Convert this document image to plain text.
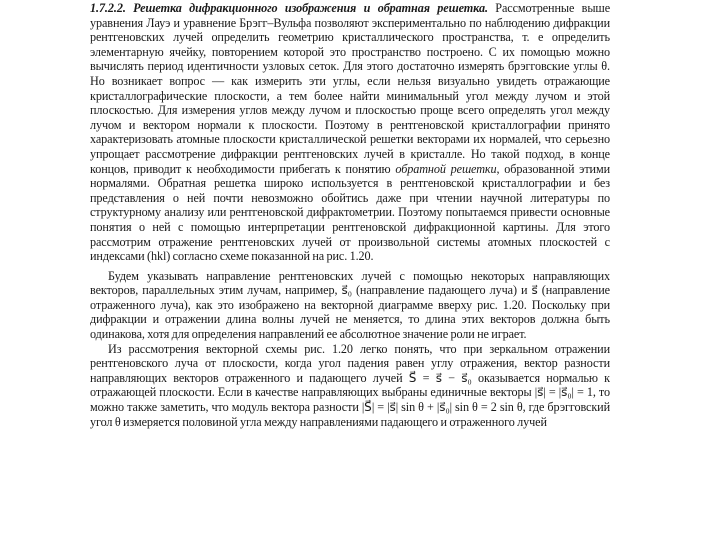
1.7.2.2. Решетка дифракционного изображения и обратная решетка. Рассмотренные выше уравнения Лауэ и уравнение Брэгг–Вульфа позволяют экспериментально по наблюдению дифракции рентгеновских лучей определить геометрию кристаллического пространства, т. е определить элементарную ячейку, повторением которой это пространство построено. С их помощью можно вычислять период идентичности узловых сеток. Для этого достаточно измерять брэгговские углы θ. Но возникает вопрос — как измерить эти углы, если нельзя визуально увидеть отражающие кристаллографические плоскости, а тем более найти минимальный угол между лучом и этой плоскостью. Для измерения углов между лучом и плоскостью проще всего определять угол между лучом и вектором нормали к плоскости. Поэтому в рентгеновской кристаллографии принято характеризовать атомные плоскости кристаллической решетки векторами их нормалей, что серьезно упрощает рассмотрение дифракции рентгеновских лучей в кристалле. Но такой подход, в конце концов, приводит к необходимости прибегать к понятию обратной решетки, образованной этими нормалями. Обратная решетка широко используется в рентгеновской кристаллографии и без представления о ней почти невозможно обойтись даже при чтении научной литературы по структурному анализу или рентгеновской дифрактометрии. Поэтому попытаемся привести основные понятия о ней с помощью интерпретации рентгеновской дифракционной картины. Для этого рассмотрим отражение рентгеновских лучей от произвольной системы атомных плоскостей с индексами (hkl) согласно схеме показанной на рис. 1.20.

Будем указывать направление рентгеновских лучей с помощью некоторых направляющих векторов, параллельных этим лучам, например, s⃗₀ (направление падающего луча) и s⃗ (направление отраженного луча), как это изображено на векторной диаграмме вверху рис. 1.20. Поскольку при дифракции и отражении длина волны лучей не меняется, то длина этих векторов должна быть одинакова, хотя для определения направлений ее абсолютное значение роли не играет.

Из рассмотрения векторной схемы рис. 1.20 легко понять, что при зеркальном отражении рентгеновского луча от плоскости, когда угол падения равен углу отражения, вектор разности направляющих векторов отраженного и падающего лучей S⃗ = s⃗ − s⃗₀ оказывается нормалью к отражающей плоскости. Если в качестве направляющих выбраны единичные векторы |s⃗| = |s⃗₀| = 1, то можно также заметить, что модуль вектора разности |S⃗| = |s⃗| sin θ + |s⃗₀| sin θ = 2 sin θ, где брэгговский угол θ измеряется половиной угла между направлениями падающего и отраженного лучей
